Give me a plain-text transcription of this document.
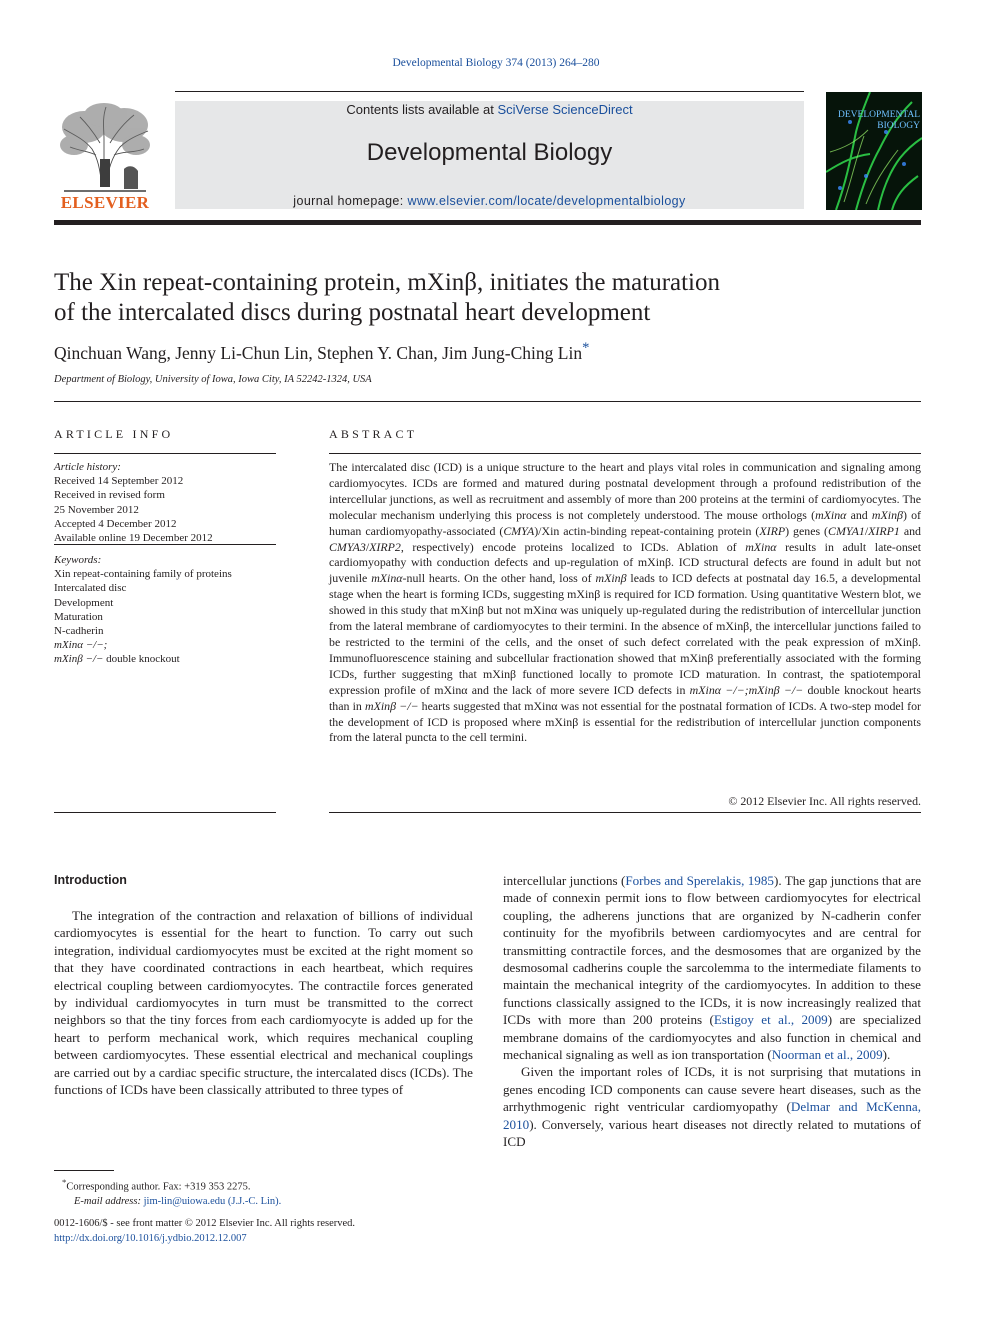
Developmental Biology 374 (2013) 264–280
ELSEVIER
Contents lists available at SciVerse ScienceDirect
Developmental Biology
journal homepage: www.elsevier.com/locate/developmentalbiology
DEVELOPMENTAL
BIOLOGY
The Xin repeat-containing protein, mXinβ, initiates the maturation
of the intercalated discs during postnatal heart development
Qinchuan Wang, Jenny Li-Chun Lin, Stephen Y. Chan, Jim Jung-Ching Lin*
Department of Biology, University of Iowa, Iowa City, IA 52242-1324, USA
ARTICLE INFO
Article history:
Received 14 September 2012
Received in revised form
25 November 2012
Accepted 4 December 2012
Available online 19 December 2012
Keywords:
Xin repeat-containing family of proteins
Intercalated disc
Development
Maturation
N-cadherin
mXinα −/−;
mXinβ −/− double knockout
ABSTRACT
The intercalated disc (ICD) is a unique structure to the heart and plays vital roles in communication and signaling among cardiomyocytes. ICDs are formed and matured during postnatal development through a profound redistribution of the intercellular junctions, as well as recruitment and assembly of more than 200 proteins at the termini of cardiomyocytes. The molecular mechanism underlying this process is not completely understood. The mouse orthologs (mXinα and mXinβ) of human cardiomyopathy-associated (CMYA)/Xin actin-binding repeat-containing protein (XIRP) genes (CMYA1/XIRP1 and CMYA3/XIRP2, respectively) encode proteins localized to ICDs. Ablation of mXinα results in adult late-onset cardiomyopathy with conduction defects and up-regulation of mXinβ. ICD structural defects are found in adult but not juvenile mXinα-null hearts. On the other hand, loss of mXinβ leads to ICD defects at postnatal day 16.5, a developmental stage when the heart is forming ICDs, suggesting mXinβ is required for ICD formation. Using quantitative Western blot, we showed in this study that mXinβ but not mXinα was uniquely up-regulated during the redistribution of intercellular junction from the lateral membrane of cardiomyocytes to their termini. In the absence of mXinβ, the intercellular junctions failed to be restricted to the termini of the cells, and the onset of such defect correlated with the peak expression of mXinβ. Immunofluorescence staining and subcellular fractionation showed that mXinβ preferentially associated with the forming ICDs, further suggesting that mXinβ functioned locally to promote ICD maturation. In contrast, the spatiotemporal expression profile of mXinα and the lack of more severe ICD defects in mXinα −/−;mXinβ −/− double knockout hearts than in mXinβ −/− hearts suggested that mXinα was not essential for the postnatal formation of ICDs. A two-step model for the development of ICD is proposed where mXinβ is essential for the redistribution of intercellular junction components from the lateral puncta to the cell termini.
© 2012 Elsevier Inc. All rights reserved.
Introduction

The integration of the contraction and relaxation of billions of individual cardiomyocytes is essential for the heart to function. To carry out such integration, individual cardiomyocytes must be excited at the right moment so that they have coordinated contractions in each heartbeat, which requires electrical coupling between cardiomyocytes. The contractile forces generated by individual cardiomyocytes in turn must be transmitted to the correct neighbors so that the tiny forces from each cardiomyocyte is added up for the heart to perform mechanical work, which requires mechanical coupling between cardiomyocytes. These essential electrical and mechanical couplings are carried out by a cardiac specific structure, the intercalated discs (ICDs). The functions of ICDs have been classically attributed to three types of

intercellular junctions (Forbes and Sperelakis, 1985). The gap junctions that are made of connexin permit ions to flow between cardiomyocytes for electrical coupling, the adherens junctions that are organized by N-cadherin confer continuity for the myofibrils between cardiomyocytes and are central for transmitting contractile forces, and the desmosomes that are organized by the desmosomal cadherins couple the sarcolemma to the intermediate filaments to maintain the mechanical integrity of the cardiomyocytes. In addition to these functions classically assigned to the ICDs, it is now increasingly realized that ICDs with more than 200 proteins (Estigoy et al., 2009) are specialized membrane domains of the cardiomyocytes and also function in chemical and mechanical signaling as well as ion transportation (Noorman et al., 2009).

Given the important roles of ICDs, it is not surprising that mutations in genes encoding ICD components can cause severe heart diseases, such as the arrhythmogenic right ventricular cardiomyopathy (Delmar and McKenna, 2010). Conversely, various heart diseases not directly related to mutations of ICD

*Corresponding author. Fax: +319 353 2275.
E-mail address: jim-lin@uiowa.edu (J.J.-C. Lin).
0012-1606/$ - see front matter © 2012 Elsevier Inc. All rights reserved.
http://dx.doi.org/10.1016/j.ydbio.2012.12.007
